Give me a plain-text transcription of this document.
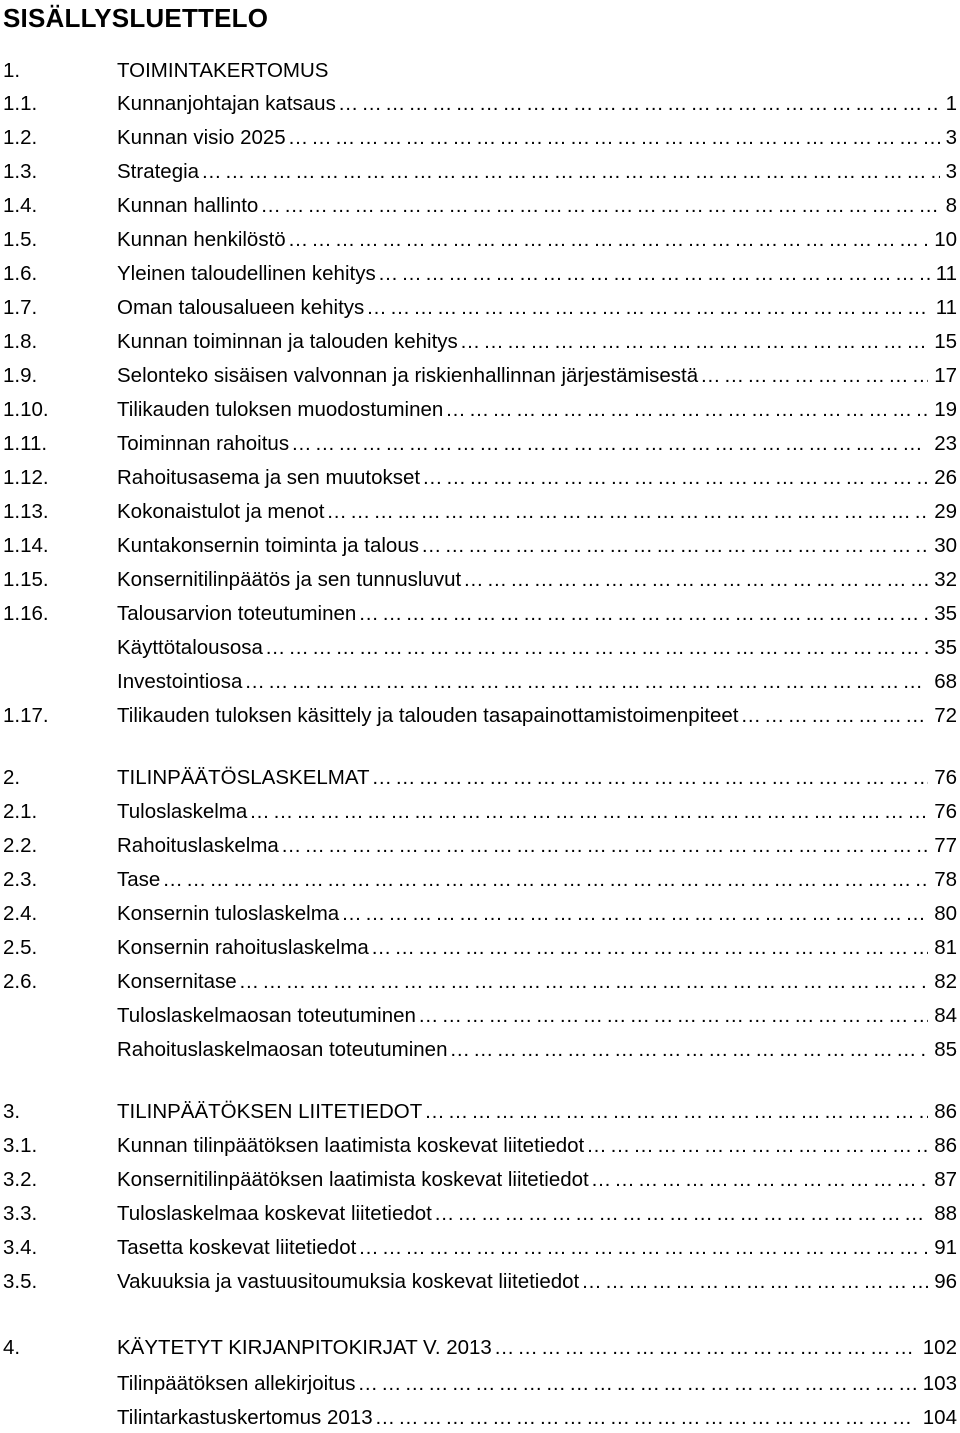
SISÄLLYSLUETTELO
1.	TOIMINTAKERTOMUS
1.1.	Kunnanjohtajan katsaus ………………………………………………………………………………………………………………………………………………	1
1.2.	Kunnan visio 2025 ………………………………………………………………………………………………………………………………………………	3
1.3.	Strategia ………………………………………………………………………………………………………………………………………………	3
1.4.	Kunnan hallinto ………………………………………………………………………………………………………………………………………………	8
1.5.	Kunnan henkilöstö ………………………………………………………………………………………………………………………………………………	10
1.6.	Yleinen taloudellinen kehitys ………………………………………………………………………………………………………………………………………………	11
1.7.	Oman talousalueen kehitys ………………………………………………………………………………………………………………………………………………	11
1.8.	Kunnan toiminnan ja talouden kehitys ………………………………………………………………………………………………………………………………………………	15
1.9.	Selonteko sisäisen valvonnan ja riskienhallinnan järjestämisestä ………………………………………………………………………………………………………………………………………………	17
1.10.	Tilikauden tuloksen muodostuminen ………………………………………………………………………………………………………………………………………………	19
1.11.	Toiminnan rahoitus ………………………………………………………………………………………………………………………………………………	23
1.12.	Rahoitusasema ja sen muutokset ………………………………………………………………………………………………………………………………………………	26
1.13.	Kokonaistulot ja menot ………………………………………………………………………………………………………………………………………………	29
1.14.	Kuntakonsernin toiminta ja talous ………………………………………………………………………………………………………………………………………………	30
1.15.	Konsernitilinpäätös ja sen tunnusluvut ………………………………………………………………………………………………………………………………………………	32
1.16.	Talousarvion toteutuminen ………………………………………………………………………………………………………………………………………………	35
Käyttötalousosa ………………………………………………………………………………………………………………………………………………	35
Investointiosa ………………………………………………………………………………………………………………………………………………	68
1.17.	Tilikauden tuloksen käsittely ja talouden tasapainottamistoimenpiteet ………………………………………………………………………………………………………………………………………………	72
2.	TILINPÄÄTÖSLASKELMAT ………………………………………………………………………………………………………………………………………………	76
2.1.	Tuloslaskelma ………………………………………………………………………………………………………………………………………………	76
2.2.	Rahoituslaskelma ………………………………………………………………………………………………………………………………………………	77
2.3.	Tase ………………………………………………………………………………………………………………………………………………	78
2.4.	Konsernin tuloslaskelma ………………………………………………………………………………………………………………………………………………	80
2.5.	Konsernin rahoituslaskelma ………………………………………………………………………………………………………………………………………………	81
2.6.	Konsernitase ………………………………………………………………………………………………………………………………………………	82
Tuloslaskelmaosan toteutuminen ………………………………………………………………………………………………………………………………………………	84
Rahoituslaskelmaosan toteutuminen ………………………………………………………………………………………………………………………………………………	85
3.	TILINPÄÄTÖKSEN LIITETIEDOT ………………………………………………………………………………………………………………………………………………	86
3.1.	Kunnan tilinpäätöksen laatimista koskevat liitetiedot ………………………………………………………………………………………………………………………………………………	86
3.2.	Konsernitilinpäätöksen laatimista koskevat liitetiedot ………………………………………………………………………………………………………………………………………………	87
3.3.	Tuloslaskelmaa koskevat liitetiedot ………………………………………………………………………………………………………………………………………………	88
3.4.	Tasetta koskevat liitetiedot ………………………………………………………………………………………………………………………………………………	91
3.5.	Vakuuksia ja vastuusitoumuksia koskevat liitetiedot ………………………………………………………………………………………………………………………………………………	96
4.	KÄYTETYT KIRJANPITOKIRJAT V. 2013 ………………………………………………………………………………………………………………………………………………	102
Tilinpäätöksen allekirjoitus ………………………………………………………………………………………………………………………………………………	103
Tilintarkastuskertomus 2013 ………………………………………………………………………………………………………………………………………………	104
